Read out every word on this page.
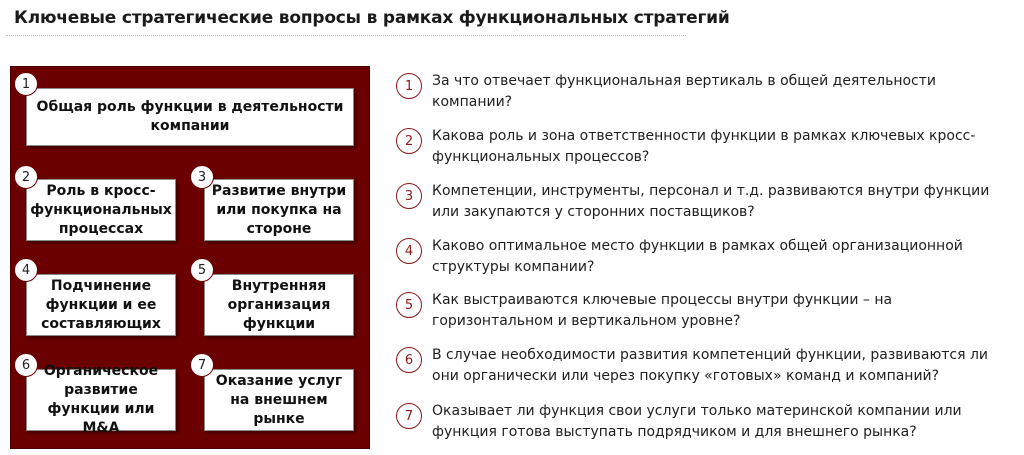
Ключевые стратегические вопросы в рамках функциональных стратегий
Общая роль функции в деятельности компании
1
Роль в кросс-функциональных процессах
2
Развитие внутри или покупка на стороне
3
Подчинение функции и ее составляющих
4
Внутренняя организация функции
5
Органическое развитие функции или M&A
6
Оказание услуг на внешнем рынке
7
1	За что отвечает функциональная вертикаль в общей деятельности компании?
2	Какова роль и зона ответственности функции в рамках ключевых кросс-функциональных процессов?
3	Компетенции, инструменты, персонал и т.д. развиваются внутри функции или закупаются у сторонних поставщиков?
4	Каково оптимальное место функции в рамках общей организационной структуры компании?
5	Как выстраиваются ключевые процессы внутри функции – на горизонтальном и вертикальном уровне?
6	В случае необходимости развития компетенций функции, развиваются ли они органически или через покупку «готовых» команд и компаний?
7	Оказывает ли функция свои услуги только материнской компании или функция готова выступать подрядчиком и для внешнего рынка?
